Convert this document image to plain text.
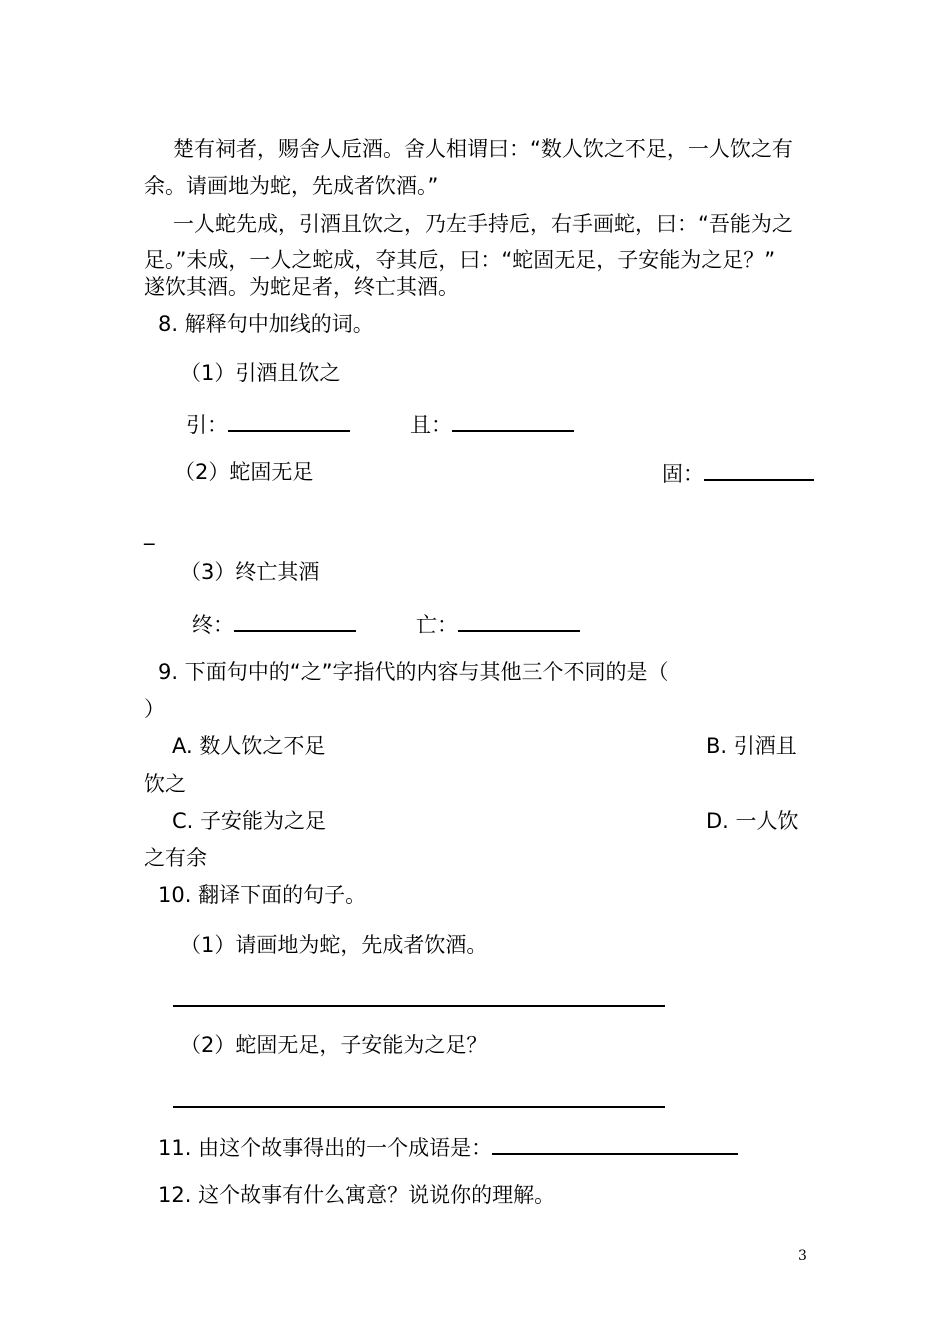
楚有祠者，赐舍人卮酒。舍人相谓曰：“数人饮之不足，一人饮之有
余。请画地为蛇，先成者饮酒。”
一人蛇先成，引酒且饮之，乃左手持卮，右手画蛇，曰：“吾能为之
足。”未成，一人之蛇成，夺其卮，曰：“蛇固无足，子安能为之足？”
遂饮其酒。为蛇足者，终亡其酒。
8. 解释句中加线的词。
（1）引酒且饮之
引：	且：
（2）蛇固无足	固：
_
（3）终亡其酒
终：	亡：
9. 下面句中的“之”字指代的内容与其他三个不同的是（
）
A. 数人饮之不足	B. 引酒且
饮之
C. 子安能为之足	D. 一人饮
之有余
10. 翻译下面的句子。
（1）请画地为蛇，先成者饮酒。
（2）蛇固无足，子安能为之足？
11. 由这个故事得出的一个成语是：
12. 这个故事有什么寓意？说说你的理解。
3
